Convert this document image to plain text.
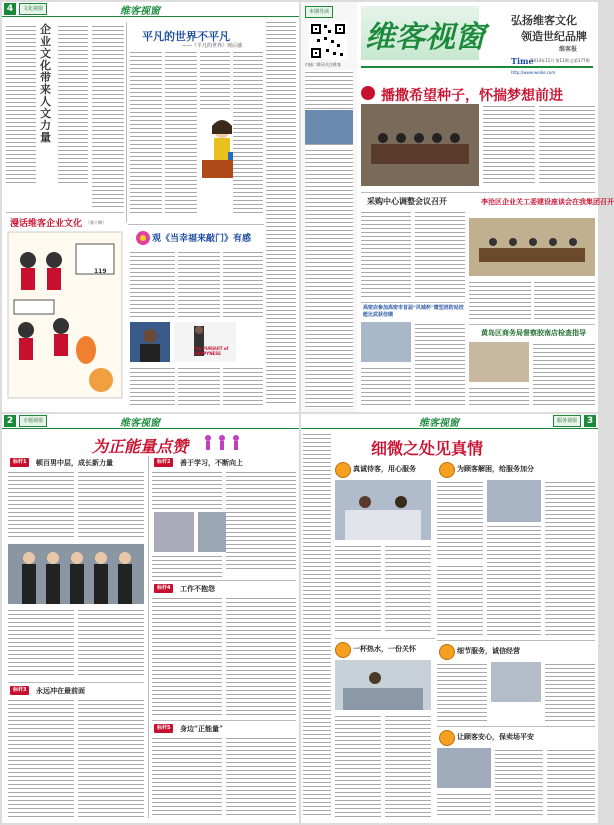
4	文化视窗	维客视窗
企业文化带来人文力量
平凡的世界不平凡
——《平凡的世界》观后感
漫话维客企业文化 （第十期）
119
观《当幸福来敲门》有感
the PURSUIT of HAPPYNESS
本期导读
扫描二维码关注维客
维客视窗 弘扬维客文化
领造世纪品牌
维客报
Time
2014年11月 第11期 总第177期
http://www.weike.com
播撒希望种子，怀揣梦想前进
采购中心调整会议召开	李沧区企业关工委建设座谈会在我集团召开
高密店参加高密市首届“风城杯”微型消防站技能比武获佳绩
黄岛区商务局督察胶南店检查指导
2	专题视窗	维客视窗
为正能量点赞
标杆1	顿百男中层，成长新力量
标杆3	永远冲在最前面
标杆2	善于学习，不断向上
标杆4	工作不抱怨
标杆5	身边“正能量”
3
服务视窗
维客视窗
细微之处见真情
真诚待客，用心服务	为顾客解困，给服务加分
一杯热水，一份关怀	细节服务，诚信经营
让顾客安心，保卖场平安
